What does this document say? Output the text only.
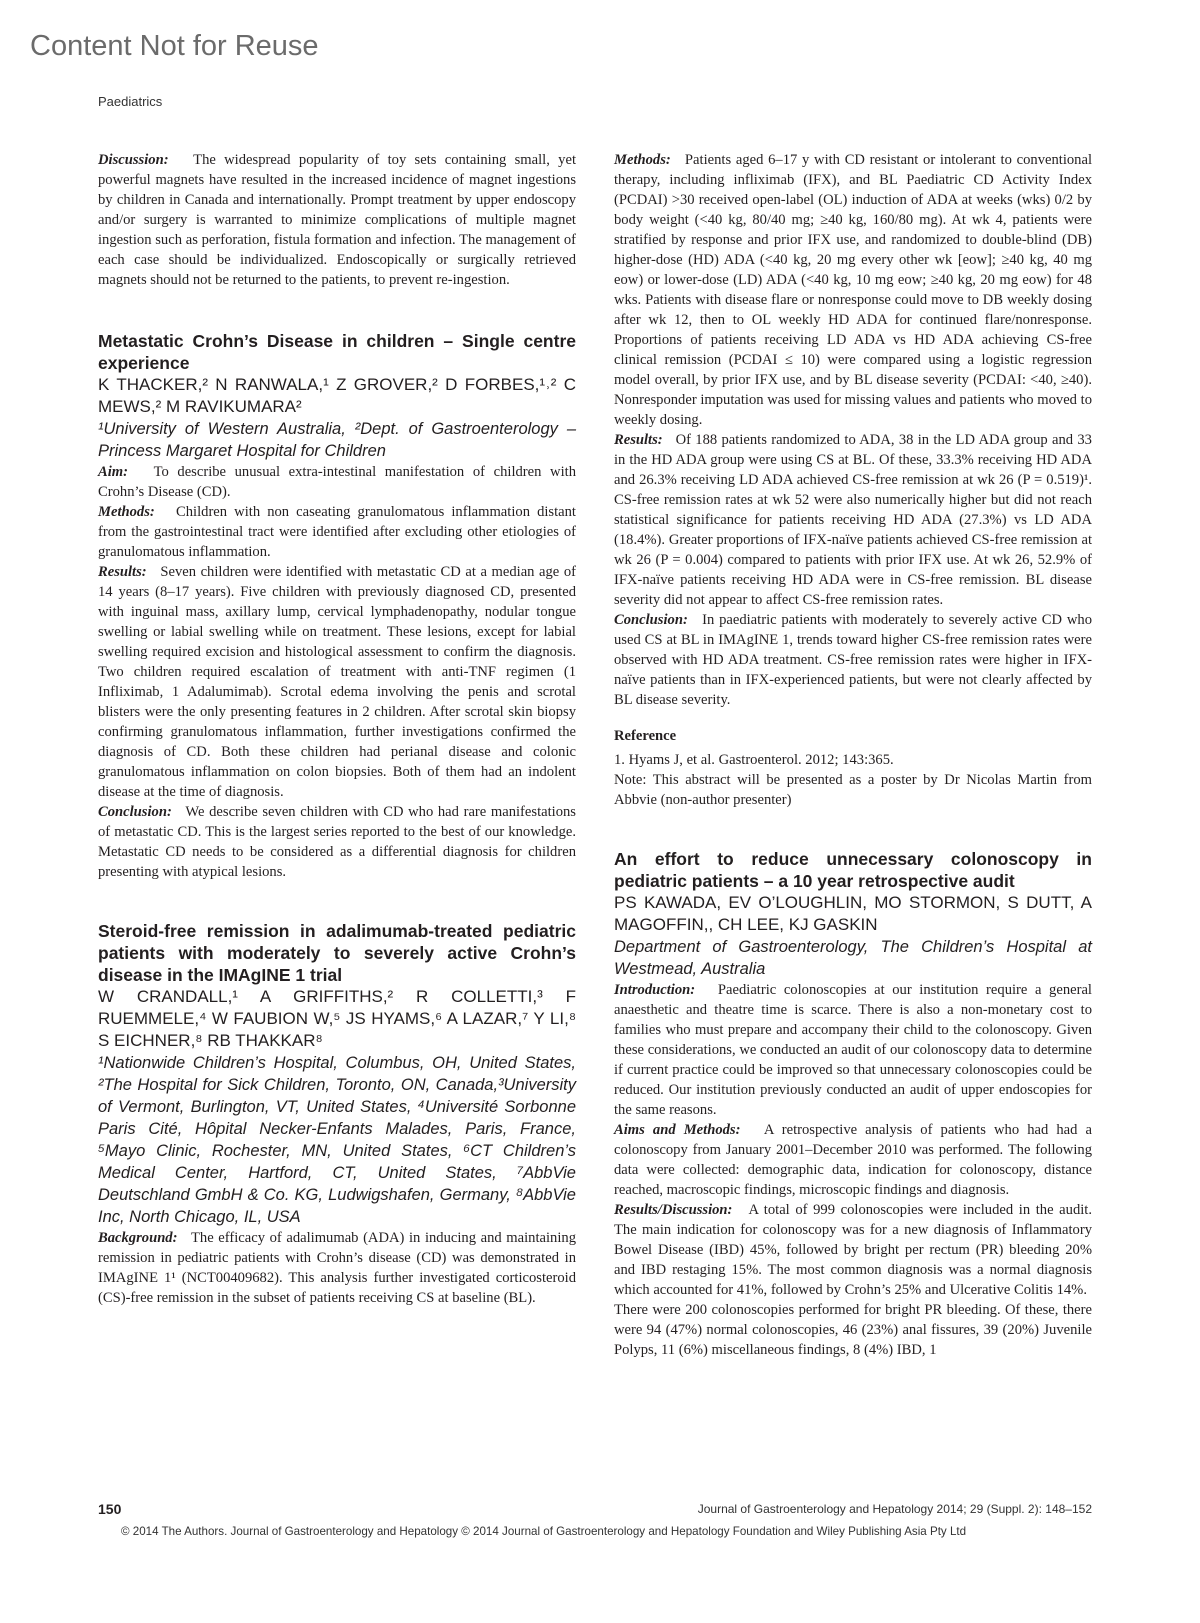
Content Not for Reuse
Paediatrics

Discussion: The widespread popularity of toy sets containing small, yet powerful magnets have resulted in the increased incidence of magnet ingestions by children in Canada and internationally. Prompt treatment by upper endoscopy and/or surgery is warranted to minimize complications of multiple magnet ingestion such as perforation, fistula formation and infection. The management of each case should be individualized. Endoscopically or surgically retrieved magnets should not be returned to the patients, to prevent re-ingestion.

Metastatic Crohn’s Disease in children – Single centre experience

K THACKER,² N RANWALA,¹ Z GROVER,² D FORBES,¹˒² C MEWS,² M RAVIKUMARA²

¹University of Western Australia, ²Dept. of Gastroenterology – Princess Margaret Hospital for Children

Aim: To describe unusual extra-intestinal manifestation of children with Crohn’s Disease (CD).

Methods: Children with non caseating granulomatous inflammation distant from the gastrointestinal tract were identified after excluding other etiologies of granulomatous inflammation.

Results: Seven children were identified with metastatic CD at a median age of 14 years (8–17 years). Five children with previously diagnosed CD, presented with inguinal mass, axillary lump, cervical lymphadenopathy, nodular tongue swelling or labial swelling while on treatment. These lesions, except for labial swelling required excision and histological assessment to confirm the diagnosis. Two children required escalation of treatment with anti-TNF regimen (1 Infliximab, 1 Adalumimab). Scrotal edema involving the penis and scrotal blisters were the only presenting features in 2 children. After scrotal skin biopsy confirming granulomatous inflammation, further investigations confirmed the diagnosis of CD. Both these children had perianal disease and colonic granulomatous inflammation on colon biopsies. Both of them had an indolent disease at the time of diagnosis.

Conclusion: We describe seven children with CD who had rare manifestations of metastatic CD. This is the largest series reported to the best of our knowledge. Metastatic CD needs to be considered as a differential diagnosis for children presenting with atypical lesions.

Steroid-free remission in adalimumab-treated pediatric patients with moderately to severely active Crohn’s disease in the IMAgINE 1 trial

W CRANDALL,¹ A GRIFFITHS,² R COLLETTI,³ F RUEMMELE,⁴ W FAUBION W,⁵ JS HYAMS,⁶ A LAZAR,⁷ Y LI,⁸ S EICHNER,⁸ RB THAKKAR⁸

¹Nationwide Children’s Hospital, Columbus, OH, United States, ²The Hospital for Sick Children, Toronto, ON, Canada,³University of Vermont, Burlington, VT, United States, ⁴Université Sorbonne Paris Cité, Hôpital Necker-Enfants Malades, Paris, France, ⁵Mayo Clinic, Rochester, MN, United States, ⁶CT Children’s Medical Center, Hartford, CT, United States, ⁷AbbVie Deutschland GmbH & Co. KG, Ludwigshafen, Germany, ⁸AbbVie Inc, North Chicago, IL, USA

Background: The efficacy of adalimumab (ADA) in inducing and maintaining remission in pediatric patients with Crohn’s disease (CD) was demonstrated in IMAgINE 1¹ (NCT00409682). This analysis further investigated corticosteroid (CS)-free remission in the subset of patients receiving CS at baseline (BL).

Methods: Patients aged 6–17 y with CD resistant or intolerant to conventional therapy, including infliximab (IFX), and BL Paediatric CD Activity Index (PCDAI) >30 received open-label (OL) induction of ADA at weeks (wks) 0/2 by body weight (<40 kg, 80/40 mg; ≥40 kg, 160/80 mg). At wk 4, patients were stratified by response and prior IFX use, and randomized to double-blind (DB) higher-dose (HD) ADA (<40 kg, 20 mg every other wk [eow]; ≥40 kg, 40 mg eow) or lower-dose (LD) ADA (<40 kg, 10 mg eow; ≥40 kg, 20 mg eow) for 48 wks. Patients with disease flare or nonresponse could move to DB weekly dosing after wk 12, then to OL weekly HD ADA for continued flare/nonresponse. Proportions of patients receiving LD ADA vs HD ADA achieving CS-free clinical remission (PCDAI ≤ 10) were compared using a logistic regression model overall, by prior IFX use, and by BL disease severity (PCDAI: <40, ≥40). Nonresponder imputation was used for missing values and patients who moved to weekly dosing.

Results: Of 188 patients randomized to ADA, 38 in the LD ADA group and 33 in the HD ADA group were using CS at BL. Of these, 33.3% receiving HD ADA and 26.3% receiving LD ADA achieved CS-free remission at wk 26 (P = 0.519)¹. CS-free remission rates at wk 52 were also numerically higher but did not reach statistical significance for patients receiving HD ADA (27.3%) vs LD ADA (18.4%). Greater proportions of IFX-naïve patients achieved CS-free remission at wk 26 (P = 0.004) compared to patients with prior IFX use. At wk 26, 52.9% of IFX-naïve patients receiving HD ADA were in CS-free remission. BL disease severity did not appear to affect CS-free remission rates.

Conclusion: In paediatric patients with moderately to severely active CD who used CS at BL in IMAgINE 1, trends toward higher CS-free remission rates were observed with HD ADA treatment. CS-free remission rates were higher in IFX-naïve patients than in IFX-experienced patients, but were not clearly affected by BL disease severity.

Reference

1. Hyams J, et al. Gastroenterol. 2012; 143:365.

Note: This abstract will be presented as a poster by Dr Nicolas Martin from Abbvie (non-author presenter)

An effort to reduce unnecessary colonoscopy in pediatric patients – a 10 year retrospective audit

PS KAWADA, EV O’LOUGHLIN, MO STORMON, S DUTT, A MAGOFFIN,, CH LEE, KJ GASKIN

Department of Gastroenterology, The Children’s Hospital at Westmead, Australia

Introduction: Paediatric colonoscopies at our institution require a general anaesthetic and theatre time is scarce. There is also a non-monetary cost to families who must prepare and accompany their child to the colonoscopy. Given these considerations, we conducted an audit of our colonoscopy data to determine if current practice could be improved so that unnecessary colonoscopies could be reduced. Our institution previously conducted an audit of upper endoscopies for the same reasons.

Aims and Methods: A retrospective analysis of patients who had had a colonoscopy from January 2001–December 2010 was performed. The following data were collected: demographic data, indication for colonoscopy, distance reached, macroscopic findings, microscopic findings and diagnosis.

Results/Discussion: A total of 999 colonoscopies were included in the audit. The main indication for colonoscopy was for a new diagnosis of Inflammatory Bowel Disease (IBD) 45%, followed by bright per rectum (PR) bleeding 20% and IBD restaging 15%. The most common diagnosis was a normal diagnosis which accounted for 41%, followed by Crohn’s 25% and Ulcerative Colitis 14%.

There were 200 colonoscopies performed for bright PR bleeding. Of these, there were 94 (47%) normal colonoscopies, 46 (23%) anal fissures, 39 (20%) Juvenile Polyps, 11 (6%) miscellaneous findings, 8 (4%) IBD, 1

150	Journal of Gastroenterology and Hepatology 2014; 29 (Suppl. 2): 148–152
© 2014 The Authors. Journal of Gastroenterology and Hepatology © 2014 Journal of Gastroenterology and Hepatology Foundation and Wiley Publishing Asia Pty Ltd
